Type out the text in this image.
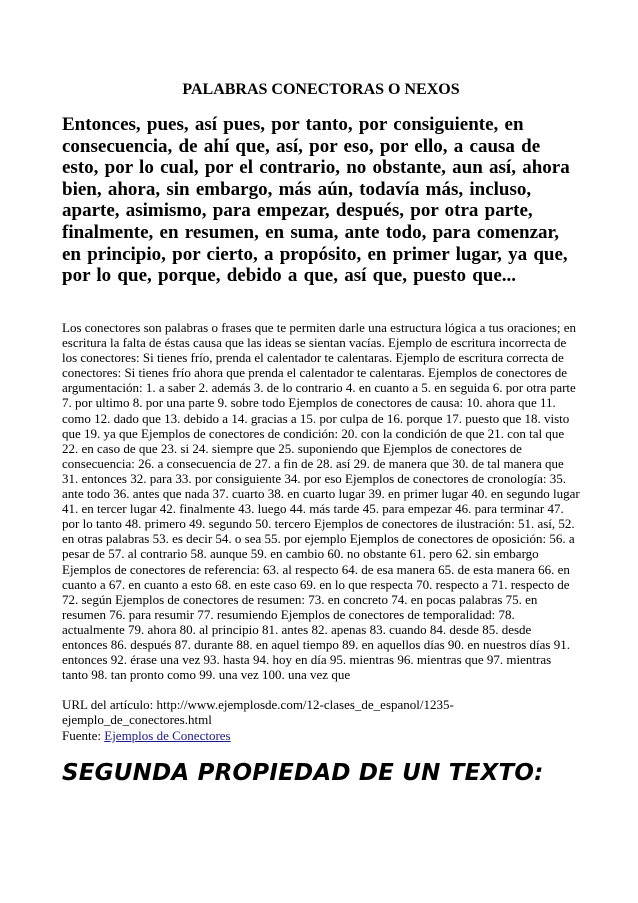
PALABRAS CONECTORAS O NEXOS

Entonces, pues, así pues, por tanto, por consiguiente, en consecuencia, de ahí que, así, por eso, por ello, a causa de esto, por lo cual, por el contrario, no obstante, aun así, ahora bien, ahora, sin embargo, más aún, todavía más, incluso, aparte, asimismo, para empezar, después, por otra parte, finalmente, en resumen, en suma, ante todo, para comenzar, en principio, por cierto, a propósito, en primer lugar, ya que, por lo que, porque, debido a que, así que, puesto que...

Los conectores son palabras o frases que te permiten darle una estructura lógica a tus oraciones; en escritura la falta de éstas causa que las ideas se sientan vacías. Ejemplo de escritura incorrecta de los conectores: Si tienes frío, prenda el calentador te calentaras. Ejemplo de escritura correcta de conectores: Si tienes frío ahora que prenda el calentador te calentaras. Ejemplos de conectores de argumentación: 1. a saber 2. además 3. de lo contrario 4. en cuanto a 5. en seguida 6. por otra parte 7. por ultimo 8. por una parte 9. sobre todo Ejemplos de conectores de causa: 10. ahora que 11. como 12. dado que 13. debido a 14. gracias a 15. por culpa de 16. porque 17. puesto que 18. visto que 19. ya que Ejemplos de conectores de condición: 20. con la condición de que 21. con tal que 22. en caso de que 23. si 24. siempre que 25. suponiendo que Ejemplos de conectores de consecuencia: 26. a consecuencia de 27. a fin de 28. así 29. de manera que 30. de tal manera que 31. entonces 32. para 33. por consiguiente 34. por eso Ejemplos de conectores de cronología: 35. ante todo 36. antes que nada 37. cuarto 38. en cuarto lugar 39. en primer lugar 40. en segundo lugar 41. en tercer lugar 42. finalmente 43. luego 44. más tarde 45. para empezar 46. para terminar 47. por lo tanto 48. primero 49. segundo 50. tercero Ejemplos de conectores de ilustración: 51. así, 52. en otras palabras 53. es decir 54. o sea 55. por ejemplo Ejemplos de conectores de oposición: 56. a pesar de 57. al contrario 58. aunque 59. en cambio 60. no obstante 61. pero 62. sin embargo Ejemplos de conectores de referencia: 63. al respecto 64. de esa manera 65. de esta manera 66. en cuanto a 67. en cuanto a esto 68. en este caso 69. en lo que respecta 70. respecto a 71. respecto de 72. según Ejemplos de conectores de resumen: 73. en concreto 74. en pocas palabras 75. en resumen 76. para resumir 77. resumiendo Ejemplos de conectores de temporalidad: 78. actualmente 79. ahora 80. al principio 81. antes 82. apenas 83. cuando 84. desde 85. desde entonces 86. después 87. durante 88. en aquel tiempo 89. en aquellos días 90. en nuestros días 91. entonces 92. érase una vez 93. hasta 94. hoy en día 95. mientras 96. mientras que 97. mientras tanto 98. tan pronto como 99. una vez 100. una vez que

URL del artículo: http://www.ejemplosde.com/12-clases_de_espanol/1235-
ejemplo_de_conectores.html
Fuente: Ejemplos de Conectores

SEGUNDA PROPIEDAD DE UN TEXTO:
